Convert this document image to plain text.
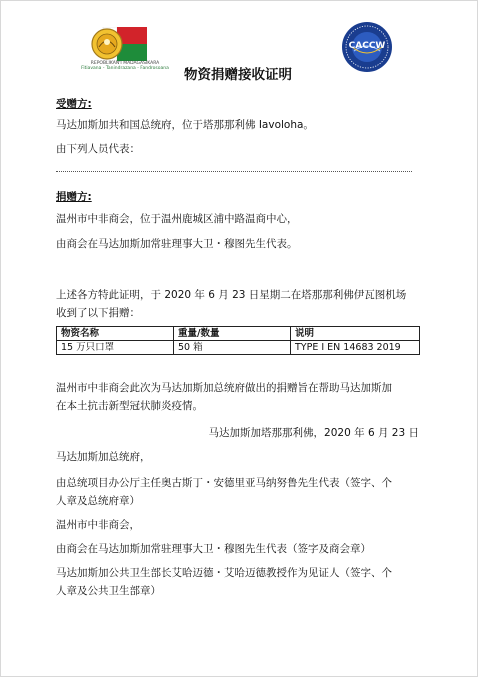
REPOBLIKAN'I MADAGASIKARA
Fitiavana - Tanindrazana - Fandrosoana
CACCW
物资捐赠接收证明
受赠方:
马达加斯加共和国总统府，位于塔那那利佛 Iavoloha。
由下列人员代表：
捐赠方:
温州市中非商会，位于温州鹿城区浦中路温商中心，
由商会在马达加斯加常驻理事大卫・穆图先生代表。
上述各方特此证明，于 2020 年 6 月 23 日星期二在塔那那利佛伊瓦图机场
收到了以下捐赠：
物资名称	重量/数量	说明
15 万只口罩	50 箱	TYPE I EN 14683 2019
温州市中非商会此次为马达加斯加总统府做出的捐赠旨在帮助马达加斯加
在本土抗击新型冠状肺炎疫情。
马达加斯加塔那那利佛，2020 年 6 月 23 日
马达加斯加总统府，
由总统项目办公厅主任奥古斯丁・安德里亚马纳努鲁先生代表（签字、个
人章及总统府章）
温州市中非商会，
由商会在马达加斯加常驻理事大卫・穆图先生代表（签字及商会章）
马达加斯加公共卫生部长艾哈迈德・艾哈迈德教授作为见证人（签字、个
人章及公共卫生部章）
